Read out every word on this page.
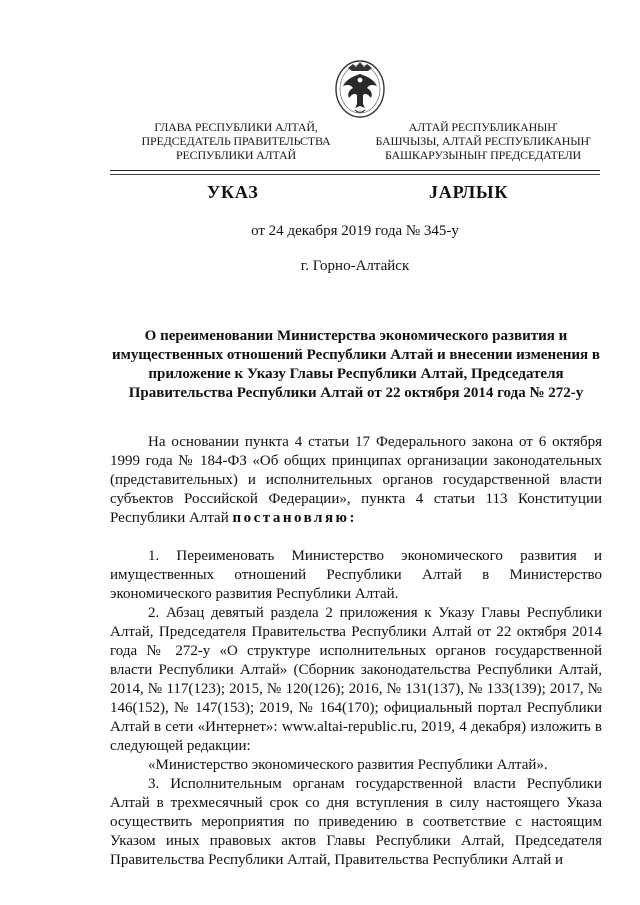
ГЛАВА РЕСПУБЛИКИ АЛТАЙ,
ПРЕДСЕДАТЕЛЬ ПРАВИТЕЛЬСТВА
РЕСПУБЛИКИ АЛТАЙ
АЛТАЙ РЕСПУБЛИКАНЫҤ
БАШЧЫЗЫ, АЛТАЙ РЕСПУБЛИКАНЫҤ
БАШКАРУЗЫНЫҤ ПРЕДСЕДАТЕЛИ
УКАЗ	JАРЛЫК
от 24 декабря 2019 года № 345-у
г. Горно-Алтайск
О переименовании Министерства экономического развития и имущественных отношений Республики Алтай и внесении изменения в приложение к Указу Главы Республики Алтай, Председателя Правительства Республики Алтай от 22 октября 2014 года № 272-у

На основании пункта 4 статьи 17 Федерального закона от 6 октября 1999 года № 184-ФЗ «Об общих принципах организации законодательных (представительных) и исполнительных органов государственной власти субъектов Российской Федерации», пункта 4 статьи 113 Конституции Республики Алтай постановляю:

1. Переименовать Министерство экономического развития и имущественных отношений Республики Алтай в Министерство экономического развития Республики Алтай.

2. Абзац девятый раздела 2 приложения к Указу Главы Республики Алтай, Председателя Правительства Республики Алтай от 22 октября 2014 года № 272-у «О структуре исполнительных органов государственной власти Республики Алтай» (Сборник законодательства Республики Алтай, 2014, № 117(123); 2015, № 120(126); 2016, № 131(137), № 133(139); 2017, № 146(152), № 147(153); 2019, № 164(170); официальный портал Республики Алтай в сети «Интернет»: www.altai-republic.ru, 2019, 4 декабря) изложить в следующей редакции:

«Министерство экономического развития Республики Алтай».

3. Исполнительным органам государственной власти Республики Алтай в трехмесячный срок со дня вступления в силу настоящего Указа осуществить мероприятия по приведению в соответствие с настоящим Указом иных правовых актов Главы Республики Алтай, Председателя Правительства Республики Алтай, Правительства Республики Алтай и
